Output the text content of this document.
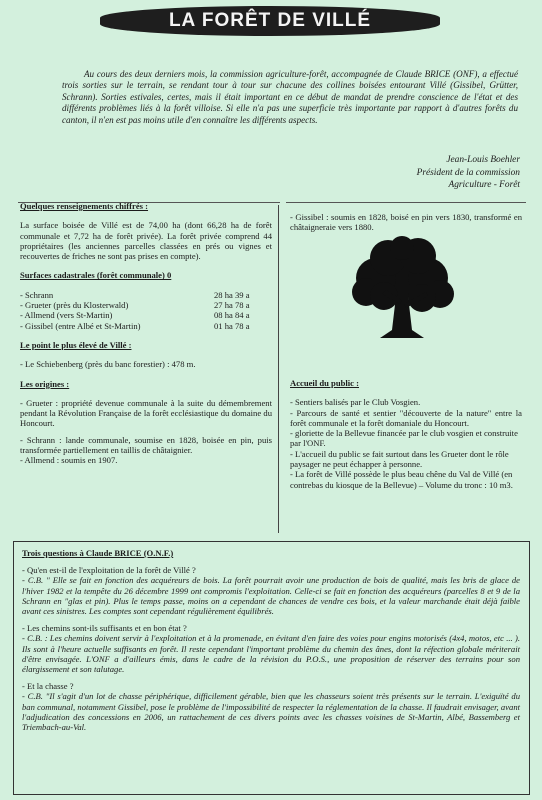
LA FORÊT DE VILLÉ

Au cours des deux derniers mois, la commission agriculture-forêt, accompagnée de Claude BRICE (ONF), a effectué trois sorties sur le terrain, se rendant tour à tour sur chacune des collines boisées entourant Villé (Gissibel, Grütter, Schrann). Sorties estivales, certes, mais il était important en ce début de mandat de prendre conscience de l'état et des différents problèmes liés à la forêt villoise. Si elle n'a pas une superficie très importante par rapport à d'autres forêts du canton, il n'en est pas moins utile d'en connaître les différents aspects.

Jean-Louis Boehler
Président de la commission
Agriculture - Forêt

Quelques renseignements chiffrés :

La surface boisée de Villé est de 74,00 ha (dont 66,28 ha de forêt communale et 7,72 ha de forêt privée). La forêt privée comprend 44 propriétaires (les anciennes parcelles classées en prés ou vignes et recouvertes de friches ne sont pas prises en compte).

Surfaces cadastrales (forêt communale) 0

- Schrann	28 ha 39 a
- Grueter (près du Klosterwald)	27 ha 78 a
- Allmend (vers St-Martin)	08 ha 84 a
- Gissibel (entre Albé et St-Martin)	01 ha 78 a

Le point le plus élevé de Villé :

- Le Schiebenberg (près du banc forestier) : 478 m.

Les origines :

- Grueter : propriété devenue communale à la suite du démembrement pendant la Révolution Française de la forêt ecclésiastique du domaine du Honcourt.

- Schrann : lande communale, soumise en 1828, boisée en pin, puis transformée partiellement en taillis de châtaignier.

- Allmend : soumis en 1907.

- Gissibel : soumis en 1828, boisé en pin vers 1830, transformé en châtaigneraie vers 1880.

Accueil du public :

- Sentiers balisés par le Club Vosgien.

- Parcours de santé et sentier "découverte de la nature" entre la forêt communale et la forêt domaniale du Honcourt.

- gloriette de la Bellevue financée par le club vosgien et construite par l'ONF.

- L'accueil du public se fait surtout dans les Grueter dont le rôle paysager ne peut échapper à personne.

- La forêt de Villé possède le plus beau chêne du Val de Villé (en contrebas du kiosque de la Bellevue) – Volume du tronc : 10 m3.

Trois questions à Claude BRICE (O.N.F.)

- Qu'en est-il de l'exploitation de la forêt de Villé ?

- C.B. " Elle se fait en fonction des acquéreurs de bois. La forêt pourrait avoir une production de bois de qualité, mais les bris de glace de l'hiver 1982 et la tempête du 26 décembre 1999 ont compromis l'exploitation. Celle-ci se fait en fonction des acquéreurs (parcelles 8 et 9 de la Schrann en "glas et pin). Plus le temps passe, moins on a cependant de chances de vendre ces bois, et la valeur marchande était déjà faible avant ces sinistres. Les comptes sont cependant régulièrement équilibrés.

- Les chemins sont-ils suffisants et en bon état ?

- C.B. : Les chemins doivent servir à l'exploitation et à la promenade, en évitant d'en faire des voies pour engins motorisés (4x4, motos, etc ... ). Ils sont à l'heure actuelle suffisants en forêt. Il reste cependant l'important problème du chemin des ânes, dont la réfection globale mériterait d'être envisagée. L'ONF a d'ailleurs émis, dans le cadre de la révision du P.O.S., une proposition de réserver des terrains pour son élargissement et son talutage.

- Et la chasse ?

- C.B. "Il s'agit d'un lot de chasse périphérique, difficilement gérable, bien que les chasseurs soient très présents sur le terrain. L'exiguïté du ban communal, notamment Gissibel, pose le problème de l'impossibilité de respecter la réglementation de la chasse. Il faudrait envisager, avant l'adjudication des concessions en 2006, un rattachement de ces divers points avec les chasses voisines de St-Martin, Albé, Bassemberg et Triembach-au-Val.
